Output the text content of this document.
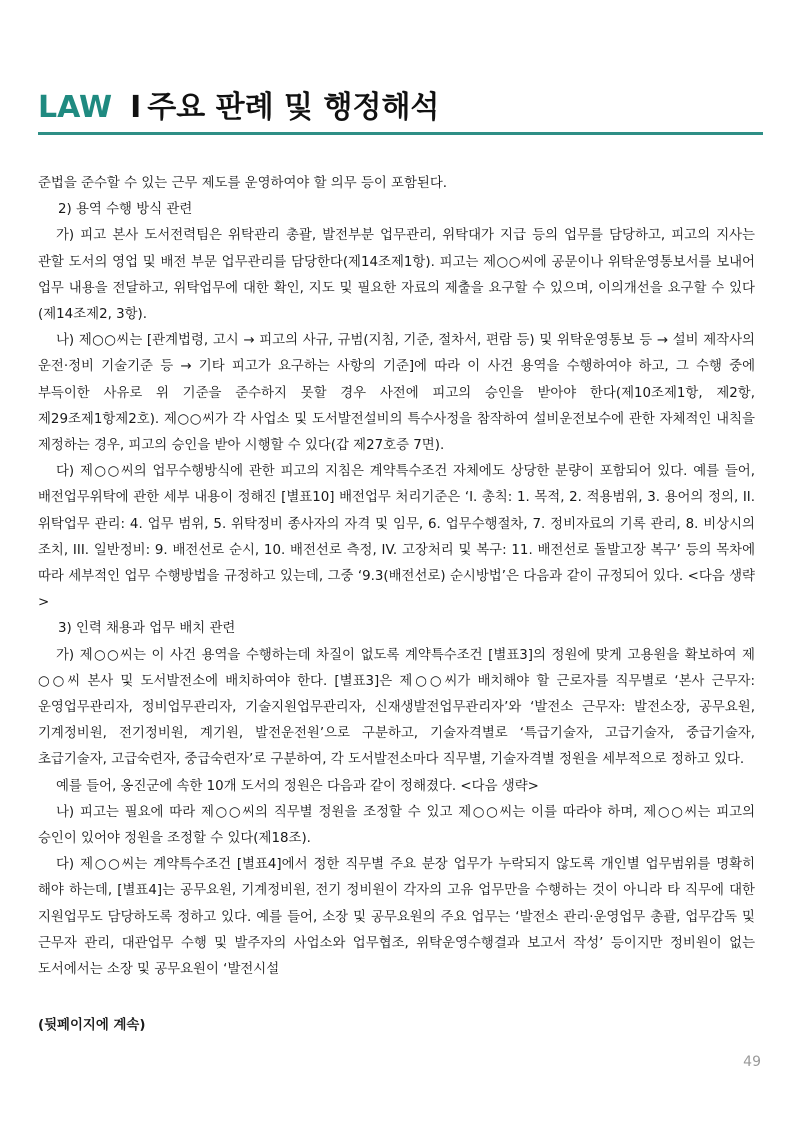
LAW I 주요 판례 및 행정해석

준법을 준수할 수 있는 근무 제도를 운영하여야 할 의무 등이 포함된다.

2) 용역 수행 방식 관련

가) 피고 본사 도서전력팀은 위탁관리 총괄, 발전부분 업무관리, 위탁대가 지급 등의 업무를 담당하고, 피고의 지사는 관할 도서의 영업 및 배전 부문 업무관리를 담당한다(제14조제1항). 피고는 제○○씨에 공문이나 위탁운영통보서를 보내어 업무 내용을 전달하고, 위탁업무에 대한 확인, 지도 및 필요한 자료의 제출을 요구할 수 있으며, 이의개선을 요구할 수 있다(제14조제2, 3항).

나) 제○○씨는 [관계법령, 고시 → 피고의 사규, 규범(지침, 기준, 절차서, 편람 등) 및 위탁운영통보 등 → 설비 제작사의 운전·정비 기술기준 등 → 기타 피고가 요구하는 사항의 기준]에 따라 이 사건 용역을 수행하여야 하고, 그 수행 중에 부득이한 사유로 위 기준을 준수하지 못할 경우 사전에 피고의 승인을 받아야 한다(제10조제1항, 제2항, 제29조제1항제2호). 제○○씨가 각 사업소 및 도서발전설비의 특수사정을 참작하여 설비운전보수에 관한 자체적인 내칙을 제정하는 경우, 피고의 승인을 받아 시행할 수 있다(갑 제27호증 7면).

다) 제○○씨의 업무수행방식에 관한 피고의 지침은 계약특수조건 자체에도 상당한 분량이 포함되어 있다. 예를 들어, 배전업무위탁에 관한 세부 내용이 정해진 [별표10] 배전업무 처리기준은 ‘I. 총칙: 1. 목적, 2. 적용범위, 3. 용어의 정의, II. 위탁업무 관리: 4. 업무 범위, 5. 위탁정비 종사자의 자격 및 임무, 6. 업무수행절차, 7. 정비자료의 기록 관리, 8. 비상시의 조치, III. 일반정비: 9. 배전선로 순시, 10. 배전선로 측정, IV. 고장처리 및 복구: 11. 배전선로 돌발고장 복구’ 등의 목차에 따라 세부적인 업무 수행방법을 규정하고 있는데, 그중 ‘9.3(배전선로) 순시방법’은 다음과 같이 규정되어 있다. <다음 생략>

3) 인력 채용과 업무 배치 관련

가) 제○○씨는 이 사건 용역을 수행하는데 차질이 없도록 계약특수조건 [별표3]의 정원에 맞게 고용원을 확보하여 제○○씨 본사 및 도서발전소에 배치하여야 한다. [별표3]은 제○○씨가 배치해야 할 근로자를 직무별로 ‘본사 근무자: 운영업무관리자, 정비업무관리자, 기술지원업무관리자, 신재생발전업무관리자’와 ‘발전소 근무자: 발전소장, 공무요원, 기계정비원, 전기정비원, 계기원, 발전운전원’으로 구분하고, 기술자격별로 ‘특급기술자, 고급기술자, 중급기술자, 초급기술자, 고급숙련자, 중급숙련자’로 구분하여, 각 도서발전소마다 직무별, 기술자격별 정원을 세부적으로 정하고 있다.

예를 들어, 옹진군에 속한 10개 도서의 정원은 다음과 같이 정해졌다. <다음 생략>

나) 피고는 필요에 따라 제○○씨의 직무별 정원을 조정할 수 있고 제○○씨는 이를 따라야 하며, 제○○씨는 피고의 승인이 있어야 정원을 조정할 수 있다(제18조).

다) 제○○씨는 계약특수조건 [별표4]에서 정한 직무별 주요 분장 업무가 누락되지 않도록 개인별 업무범위를 명확히 해야 하는데, [별표4]는 공무요원, 기계정비원, 전기 정비원이 각자의 고유 업무만을 수행하는 것이 아니라 타 직무에 대한 지원업무도 담당하도록 정하고 있다. 예를 들어, 소장 및 공무요원의 주요 업무는 ‘발전소 관리·운영업무 총괄, 업무감독 및 근무자 관리, 대관업무 수행 및 발주자의 사업소와 업무협조, 위탁운영수행결과 보고서 작성’ 등이지만 정비원이 없는 도서에서는 소장 및 공무요원이 ‘발전시설

(뒷페이지에 계속)
49
